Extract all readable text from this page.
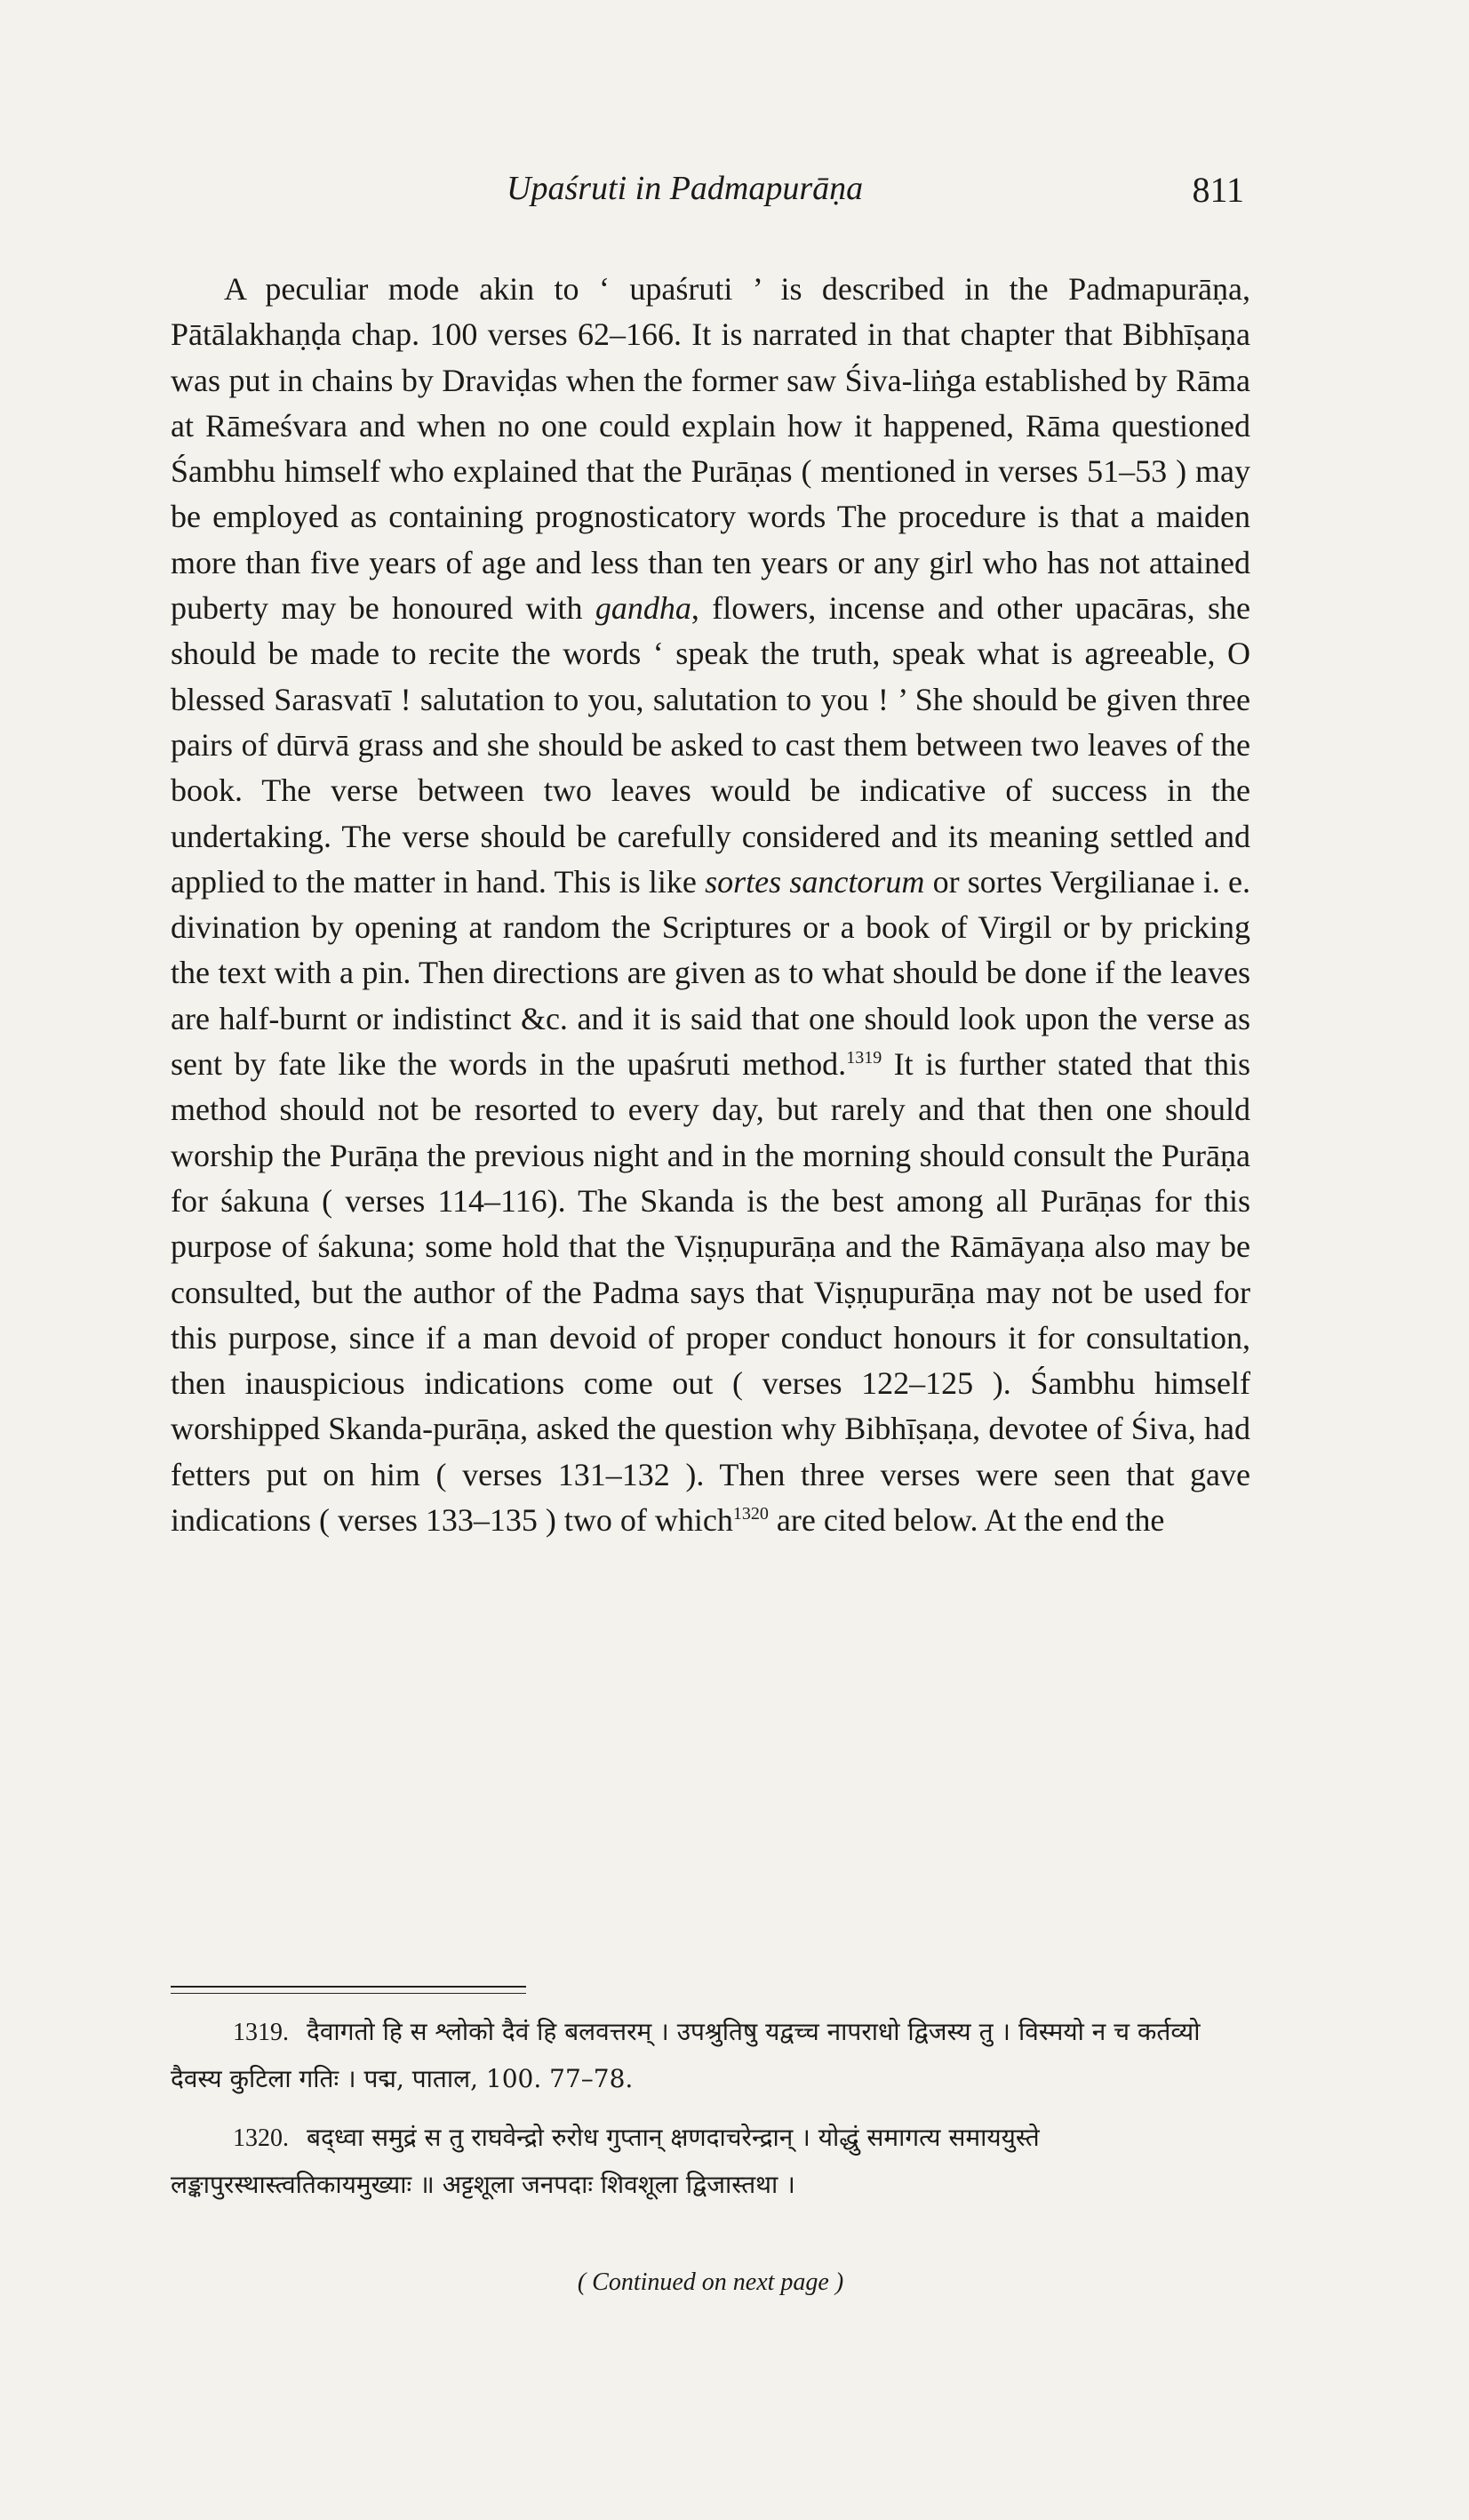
Upaśruti in Padmapurāṇa	811

A peculiar mode akin to ‘ upaśruti ’ is described in the Padmapurāṇa, Pātālakhaṇḍa chap. 100 verses 62–166. It is narrated in that chapter that Bibhīṣaṇa was put in chains by Draviḍas when the former saw Śiva-liṅga established by Rāma at Rāmeśvara and when no one could explain how it happened, Rāma questioned Śambhu himself who explained that the Purāṇas ( mentioned in verses 51–53 ) may be employed as containing prognosticatory words The procedure is that a maiden more than five years of age and less than ten years or any girl who has not attained puberty may be honoured with gandha, flowers, incense and other upacāras, she should be made to recite the words ‘ speak the truth, speak what is agreeable, O blessed Sarasvatī ! salutation to you, salutation to you ! ’ She should be given three pairs of dūrvā grass and she should be asked to cast them between two leaves of the book. The verse between two leaves would be indicative of success in the undertaking. The verse should be carefully considered and its meaning settled and applied to the matter in hand. This is like sortes sanctorum or sortes Vergilianae i. e. divination by opening at random the Scriptures or a book of Virgil or by pricking the text with a pin. Then directions are given as to what should be done if the leaves are half-burnt or indistinct &c. and it is said that one should look upon the verse as sent by fate like the words in the upaśruti method.$^{1319}$ It is further stated that this method should not be resorted to every day, but rarely and that then one should worship the Purāṇa the previous night and in the morning should consult the Purāṇa for śakuna ( verses 114–116). The Skanda is the best among all Purāṇas for this purpose of śakuna; some hold that the Viṣṇupurāṇa and the Rāmāyaṇa also may be consulted, but the author of the Padma says that Viṣṇupurāṇa may not be used for this purpose, since if a man devoid of proper conduct honours it for consultation, then inauspicious indications come out ( verses 122–125 ). Śambhu himself worshipped Skanda-purāṇa, asked the question why Bibhīṣaṇa, devotee of Śiva, had fetters put on him ( verses 131–132 ). Then three verses were seen that gave indications ( verses 133–135 ) two of which$^{1320}$ are cited below. At the end the

1319. दैवागतो हि स श्लोको दैवं हि बलवत्तरम् । उपश्रुतिषु यद्वच्च नापराधो द्विजस्य तु । विस्मयो न च कर्तव्यो दैवस्य कुटिला गतिः । पद्म, पाताल, 100. 77–78.
1320. बद्ध्वा समुद्रं स तु राघवेन्द्रो रुरोध गुप्तान् क्षणदाचरेन्द्रान् । योद्धुं समागत्य समाययुस्ते लङ्कापुरस्थास्त्वतिकायमुख्याः ॥ अट्टशूला जनपदाः शिवशूला द्विजास्तथा ।
( Continued on next page )
